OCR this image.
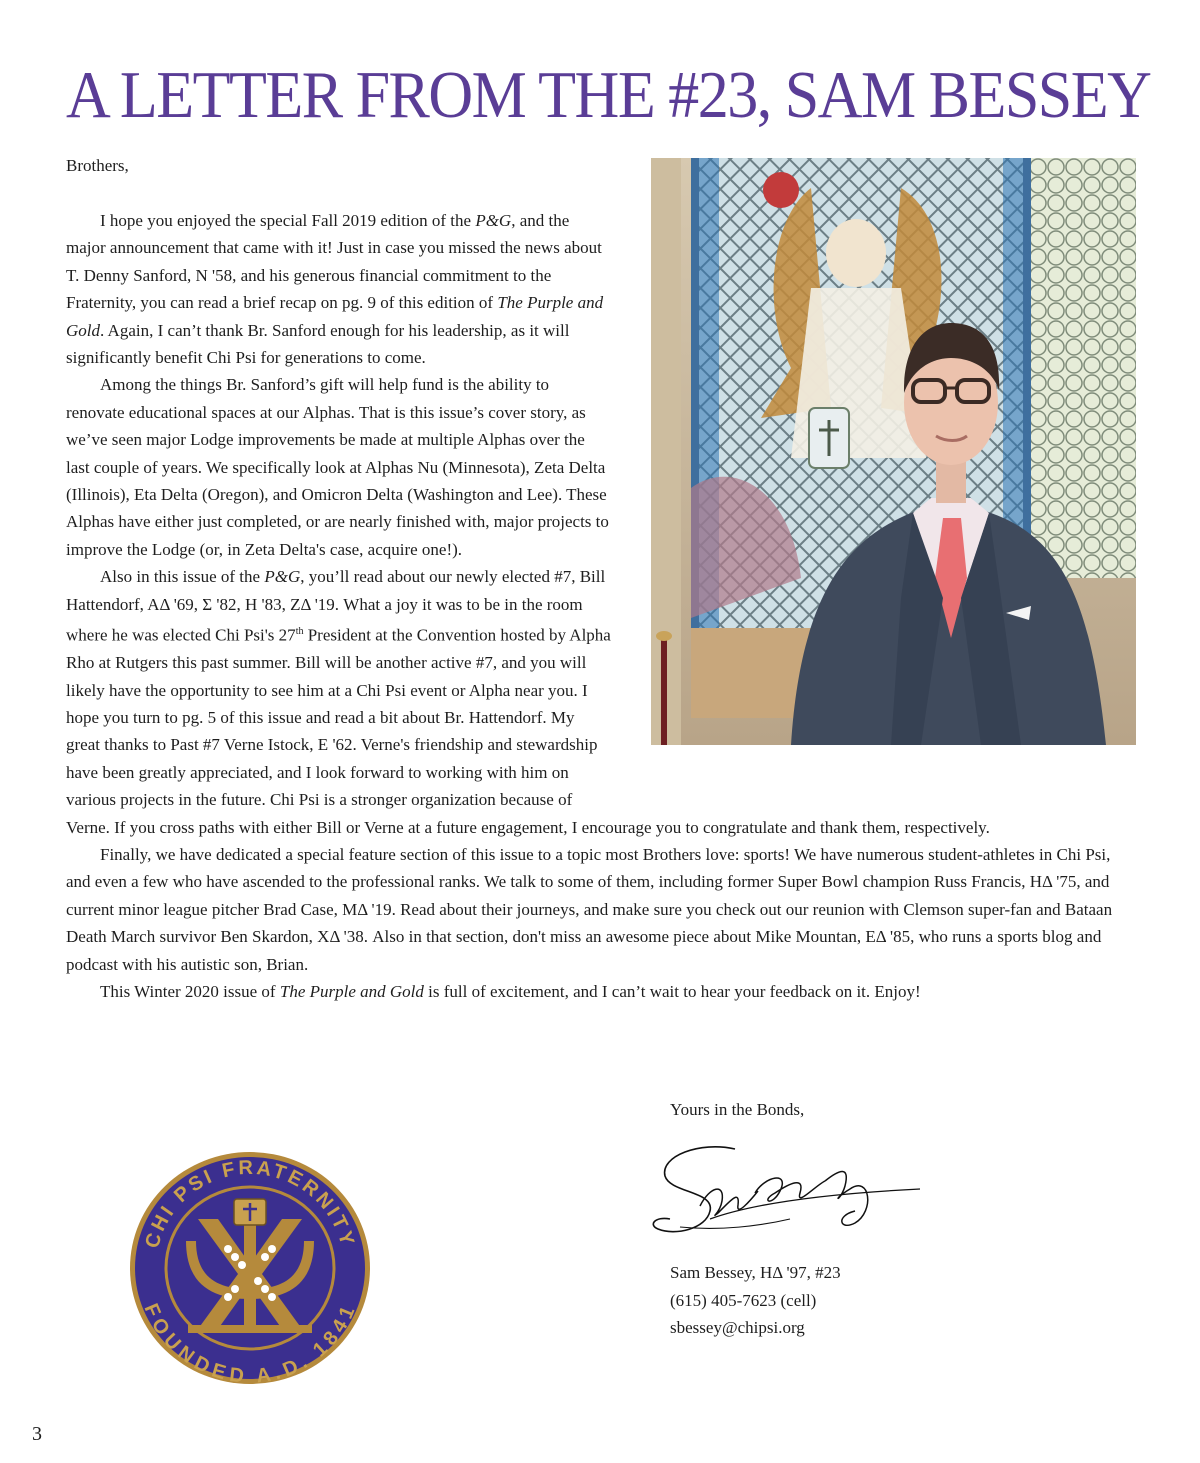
A LETTER FROM THE #23, SAM BESSEY

Brothers,

I hope you enjoyed the special Fall 2019 edition of the P&G, and the major announcement that came with it! Just in case you missed the news about T. Denny Sanford, N '58, and his generous financial commitment to the Fraternity, you can read a brief recap on pg. 9 of this edition of The Purple and Gold. Again, I can’t thank Br. Sanford enough for his leadership, as it will significantly benefit Chi Psi for generations to come.

Among the things Br. Sanford’s gift will help fund is the ability to renovate educational spaces at our Alphas. That is this issue’s cover story, as we’ve seen major Lodge improvements be made at multiple Alphas over the last couple of years. We specifically look at Alphas Nu (Minnesota), Zeta Delta (Illinois), Eta Delta (Oregon), and Omicron Delta (Washington and Lee). These Alphas have either just completed, or are nearly finished with, major projects to improve the Lodge (or, in Zeta Delta's case, acquire one!).

Also in this issue of the P&G, you’ll read about our newly elected #7, Bill Hattendorf, AΔ '69, Σ '82, H '83, ZΔ '19. What a joy it was to be in the room where he was elected Chi Psi's 27th President at the Convention hosted by Alpha Rho at Rutgers this past summer. Bill will be another active #7, and you will likely have the opportunity to see him at a Chi Psi event or Alpha near you. I hope you turn to pg. 5 of this issue and read a bit about Br. Hattendorf. My great thanks to Past #7 Verne Istock, E '62. Verne's friendship and stewardship have been greatly appreciated, and I look forward to working with him on various projects in the future. Chi Psi is a stronger organization because of Verne. If you cross paths with either Bill or Verne at a future engagement, I encourage you to congratulate and thank them, respectively.

Finally, we have dedicated a special feature section of this issue to a topic most Brothers love: sports! We have numerous student-athletes in Chi Psi, and even a few who have ascended to the professional ranks. We talk to some of them, including former Super Bowl champion Russ Francis, HΔ '75, and current minor league pitcher Brad Case, MΔ '19. Read about their journeys, and make sure you check out our reunion with Clemson super-fan and Bataan Death March survivor Ben Skardon, XΔ '38. Also in that section, don't miss an awesome piece about Mike Mountan, EΔ '85, who runs a sports blog and podcast with his autistic son, Brian.

This Winter 2020 issue of The Purple and Gold is full of excitement, and I can’t wait to hear your feedback on it. Enjoy!

Yours in the Bonds,

Sam Bessey, HΔ '97, #23

(615) 405-7623 (cell)

sbessey@chipsi.org

CHI PSI FRATERNITY
FOUNDED A.D. 1841
3
